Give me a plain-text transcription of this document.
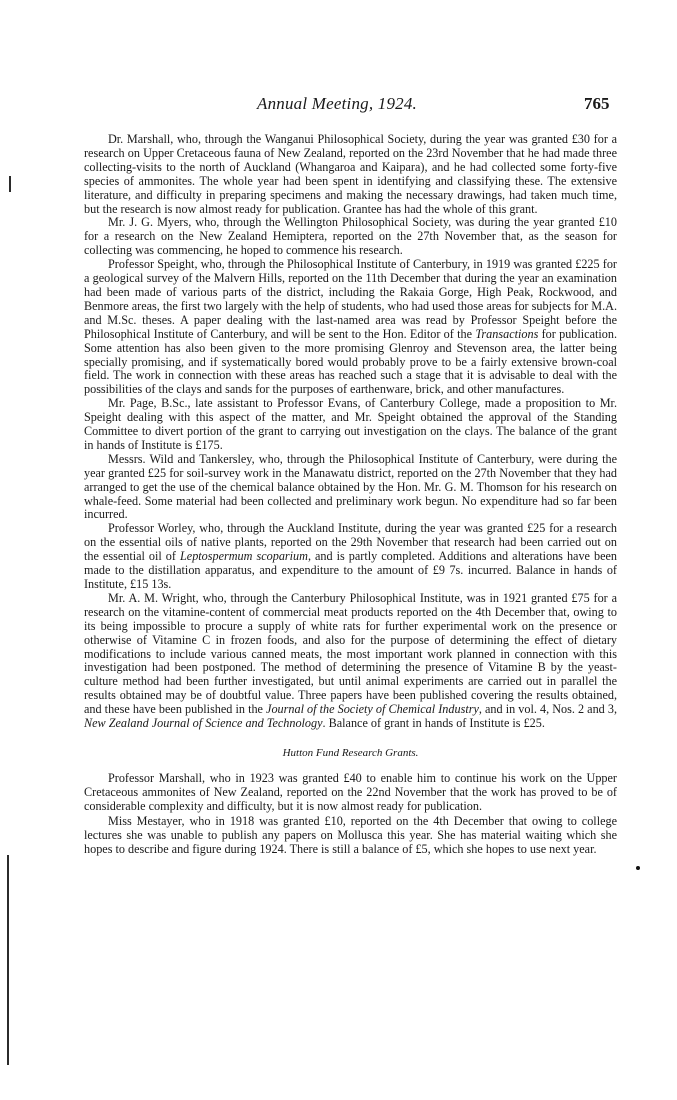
Annual Meeting, 1924.	765

Dr. Marshall, who, through the Wanganui Philosophical Society, during the year was granted £30 for a research on Upper Cretaceous fauna of New Zealand, reported on the 23rd November that he had made three collecting-visits to the north of Auckland (Whangaroa and Kaipara), and he had collected some forty-five species of ammonites. The whole year had been spent in identifying and classifying these. The extensive literature, and difficulty in preparing specimens and making the necessary drawings, had taken much time, but the research is now almost ready for publication. Grantee has had the whole of this grant.

Mr. J. G. Myers, who, through the Wellington Philosophical Society, was during the year granted £10 for a research on the New Zealand Hemiptera, reported on the 27th November that, as the season for collecting was commencing, he hoped to commence his research.

Professor Speight, who, through the Philosophical Institute of Canterbury, in 1919 was granted £225 for a geological survey of the Malvern Hills, reported on the 11th December that during the year an examination had been made of various parts of the district, including the Rakaia Gorge, High Peak, Rockwood, and Benmore areas, the first two largely with the help of students, who had used those areas for subjects for M.A. and M.Sc. theses. A paper dealing with the last-named area was read by Professor Speight before the Philosophical Institute of Canterbury, and will be sent to the Hon. Editor of the Transactions for publication. Some attention has also been given to the more promising Glenroy and Stevenson area, the latter being specially promising, and if systematically bored would probably prove to be a fairly extensive brown-coal field. The work in connection with these areas has reached such a stage that it is advisable to deal with the possibilities of the clays and sands for the purposes of earthenware, brick, and other manufactures.

Mr. Page, B.Sc., late assistant to Professor Evans, of Canterbury College, made a proposition to Mr. Speight dealing with this aspect of the matter, and Mr. Speight obtained the approval of the Standing Committee to divert portion of the grant to carrying out investigation on the clays. The balance of the grant in hands of Institute is £175.

Messrs. Wild and Tankersley, who, through the Philosophical Institute of Canterbury, were during the year granted £25 for soil-survey work in the Manawatu district, reported on the 27th November that they had arranged to get the use of the chemical balance obtained by the Hon. Mr. G. M. Thomson for his research on whale-feed. Some material had been collected and preliminary work begun. No expenditure had so far been incurred.

Professor Worley, who, through the Auckland Institute, during the year was granted £25 for a research on the essential oils of native plants, reported on the 29th November that research had been carried out on the essential oil of Leptospermum scoparium, and is partly completed. Additions and alterations have been made to the distillation apparatus, and expenditure to the amount of £9 7s. incurred. Balance in hands of Institute, £15 13s.

Mr. A. M. Wright, who, through the Canterbury Philosophical Institute, was in 1921 granted £75 for a research on the vitamine-content of commercial meat products reported on the 4th December that, owing to its being impossible to procure a supply of white rats for further experimental work on the presence or otherwise of Vitamine C in frozen foods, and also for the purpose of determining the effect of dietary modifications to include various canned meats, the most important work planned in connection with this investigation had been postponed. The method of determining the presence of Vitamine B by the yeast-culture method had been further investigated, but until animal experiments are carried out in parallel the results obtained may be of doubtful value. Three papers have been published covering the results obtained, and these have been published in the Journal of the Society of Chemical Industry, and in vol. 4, Nos. 2 and 3, New Zealand Journal of Science and Technology. Balance of grant in hands of Institute is £25.

Hutton Fund Research Grants.

Professor Marshall, who in 1923 was granted £40 to enable him to continue his work on the Upper Cretaceous ammonites of New Zealand, reported on the 22nd November that the work has proved to be of considerable complexity and difficulty, but it is now almost ready for publication.

Miss Mestayer, who in 1918 was granted £10, reported on the 4th December that owing to college lectures she was unable to publish any papers on Mollusca this year. She has material waiting which she hopes to describe and figure during 1924. There is still a balance of £5, which she hopes to use next year.
